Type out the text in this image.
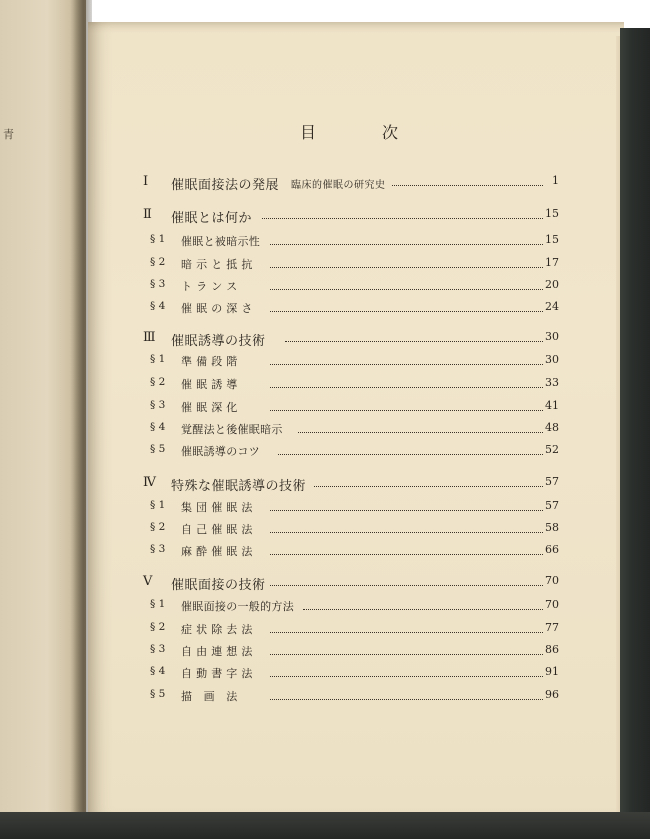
青	目	次
Ⅰ 催眠面接法の発展 臨床的催眠の研究史	1
Ⅱ 催眠とは何か	15
§ 1 催眠と被暗示性	15
§ 2 暗 示 と 抵 抗	17
§ 3 ト ラ ン ス	20
§ 4 催 眠 の 深 さ	24
Ⅲ 催眠誘導の技術	30
§ 1 準 備 段 階	30
§ 2 催 眠 誘 導	33
§ 3 催 眠 深 化	41
§ 4 覚醒法と後催眠暗示	48
§ 5 催眠誘導のコツ	52
Ⅳ 特殊な催眠誘導の技術	57
§ 1 集 団 催 眠 法	57
§ 2 自 己 催 眠 法	58
§ 3 麻 酔 催 眠 法	66
Ⅴ 催眠面接の技術	70
§ 1 催眠面接の一般的方法	70
§ 2 症 状 除 去 法	77
§ 3 自 由 連 想 法	86
§ 4 自 動 書 字 法	91
§ 5 描　画　法	96
